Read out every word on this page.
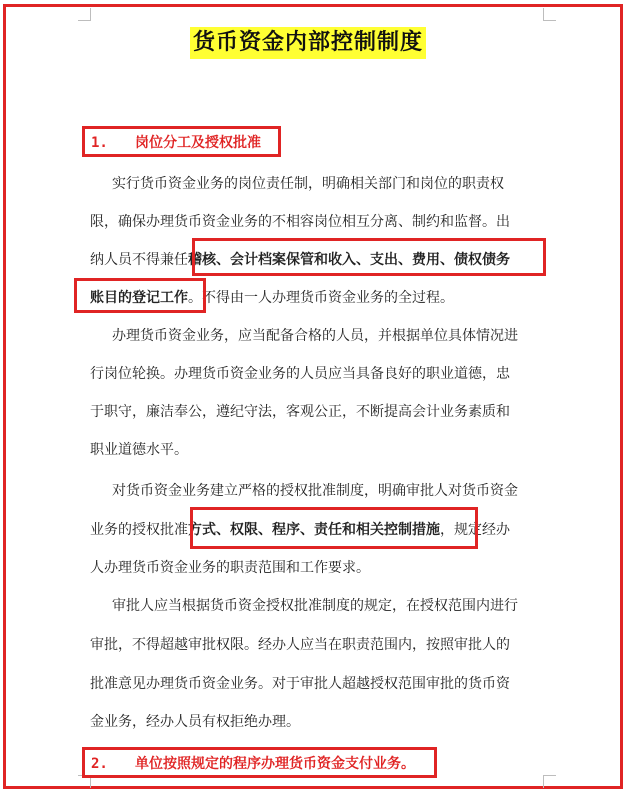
货币资金内部控制制度
1. 岗位分工及授权批准
实行货币资金业务的岗位责任制，明确相关部门和岗位的职责权
限，确保办理货币资金业务的不相容岗位相互分离、制约和监督。出
纳人员不得兼任稽核、会计档案保管和收入、支出、费用、债权债务
账目的登记工作。不得由一人办理货币资金业务的全过程。
办理货币资金业务，应当配备合格的人员，并根据单位具体情况进
行岗位轮换。办理货币资金业务的人员应当具备良好的职业道德，忠
于职守，廉洁奉公，遵纪守法，客观公正，不断提高会计业务素质和
职业道德水平。
对货币资金业务建立严格的授权批准制度，明确审批人对货币资金
业务的授权批准方式、权限、程序、责任和相关控制措施，规定经办
人办理货币资金业务的职责范围和工作要求。
审批人应当根据货币资金授权批准制度的规定，在授权范围内进行
审批，不得超越审批权限。经办人应当在职责范围内，按照审批人的
批准意见办理货币资金业务。对于审批人超越授权范围审批的货币资
金业务，经办人员有权拒绝办理。
2. 单位按照规定的程序办理货币资金支付业务。
